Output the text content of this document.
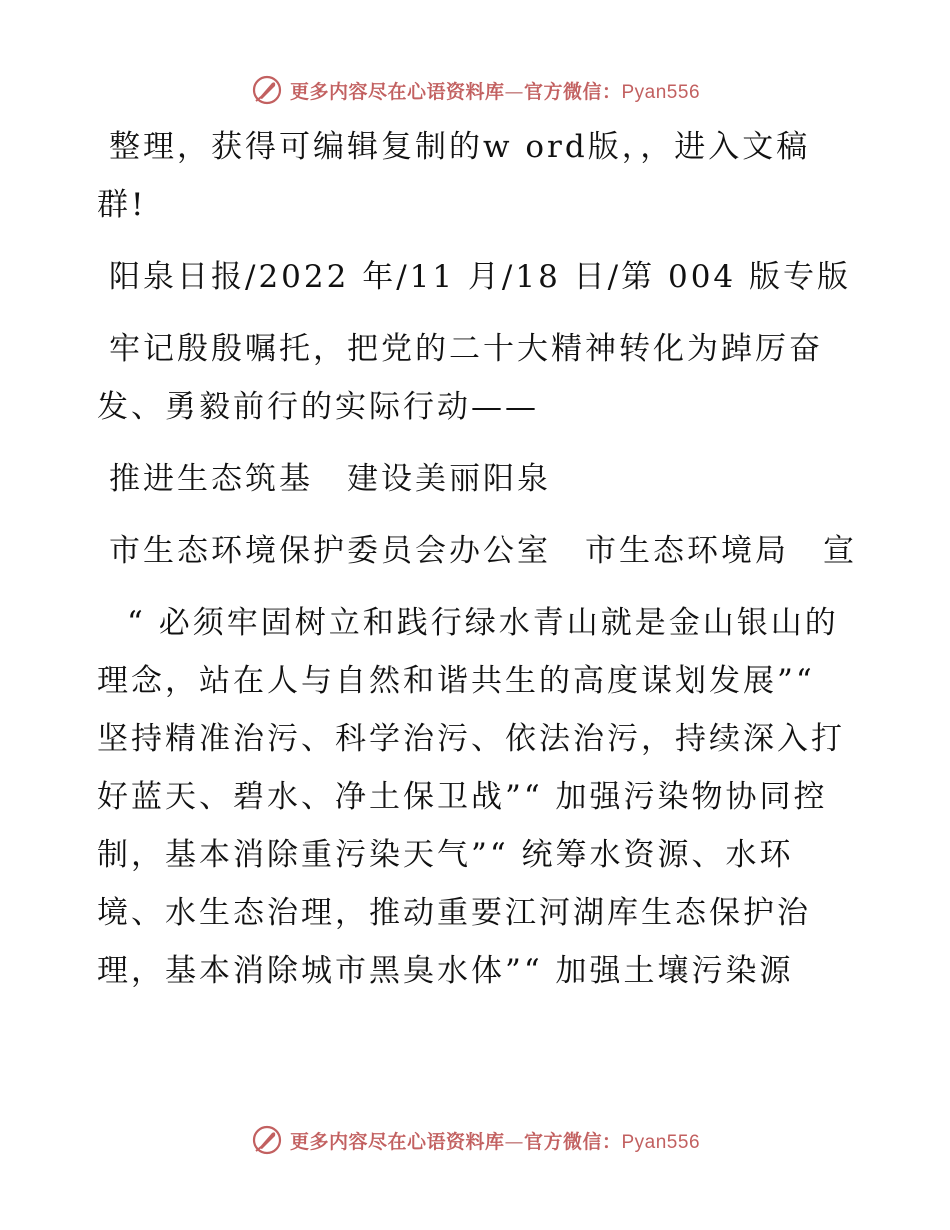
更多内容尽在心语资料库—官方微信：Pyan556

整理，获得可编辑复制的w ord版，，进入文稿群!

阳泉日报/2022 年/11 月/18 日/第 004 版专版

牢记殷殷嘱托，把党的二十大精神转化为踔厉奋发、勇毅前行的实际行动——

推进生态筑基　建设美丽阳泉

市生态环境保护委员会办公室　市生态环境局　宣

“ 必须牢固树立和践行绿水青山就是金山银山的理念，站在人与自然和谐共生的高度谋划发展”“ 坚持精准治污、科学治污、依法治污，持续深入打好蓝天、碧水、净土保卫战”“ 加强污染物协同控制，基本消除重污染天气”“ 统筹水资源、水环境、水生态治理，推动重要江河湖库生态保护治理，基本消除城市黑臭水体”“ 加强土壤污染源

更多内容尽在心语资料库—官方微信：Pyan556
